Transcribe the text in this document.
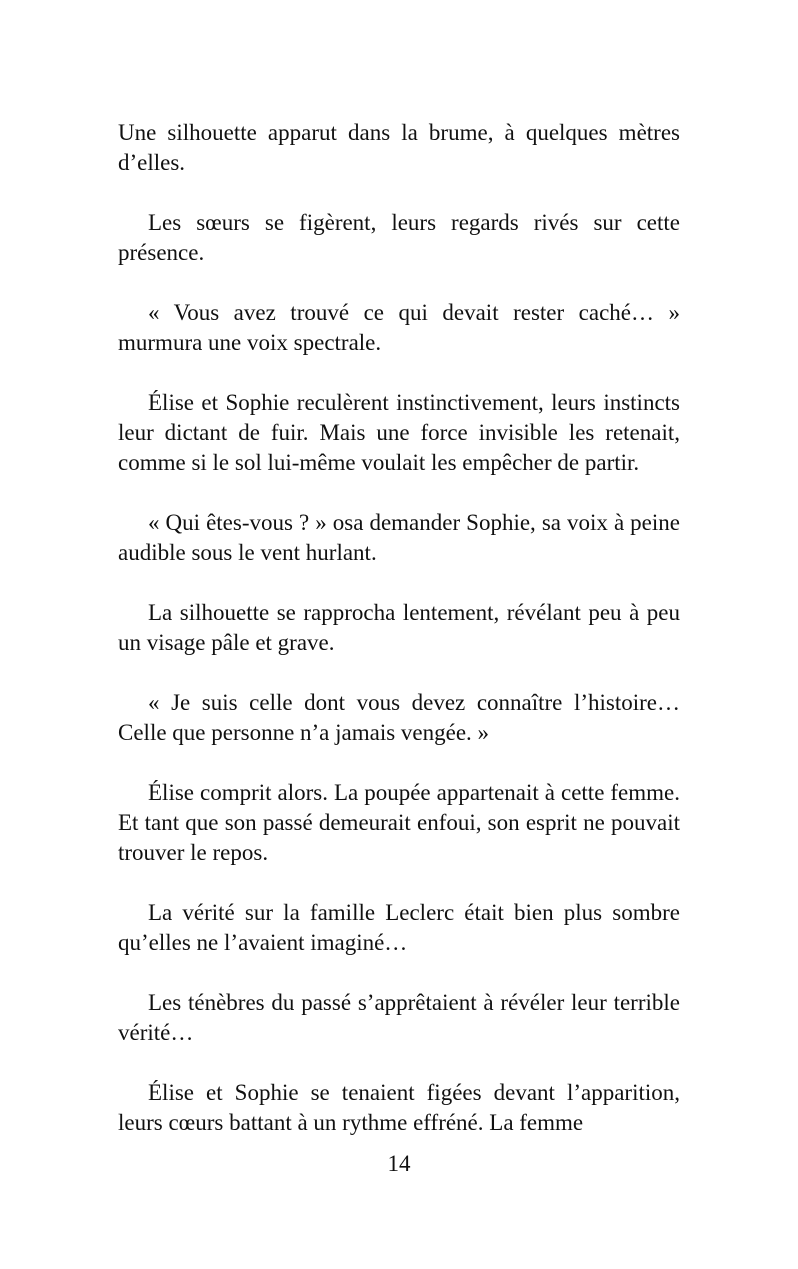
Une silhouette apparut dans la brume, à quelques mètres d’elles.

Les sœurs se figèrent, leurs regards rivés sur cette présence.

« Vous avez trouvé ce qui devait rester caché… » murmura une voix spectrale.

Élise et Sophie reculèrent instinctivement, leurs instincts leur dictant de fuir. Mais une force invisible les retenait, comme si le sol lui-même voulait les empêcher de partir.

« Qui êtes-vous ? » osa demander Sophie, sa voix à peine audible sous le vent hurlant.

La silhouette se rapprocha lentement, révélant peu à peu un visage pâle et grave.

« Je suis celle dont vous devez connaître l’histoire… Celle que personne n’a jamais vengée. »

Élise comprit alors. La poupée appartenait à cette femme. Et tant que son passé demeurait enfoui, son esprit ne pouvait trouver le repos.

La vérité sur la famille Leclerc était bien plus sombre qu’elles ne l’avaient imaginé…

Les ténèbres du passé s’apprêtaient à révéler leur terrible vérité…

Élise et Sophie se tenaient figées devant l’apparition, leurs cœurs battant à un rythme effréné. La femme

14
